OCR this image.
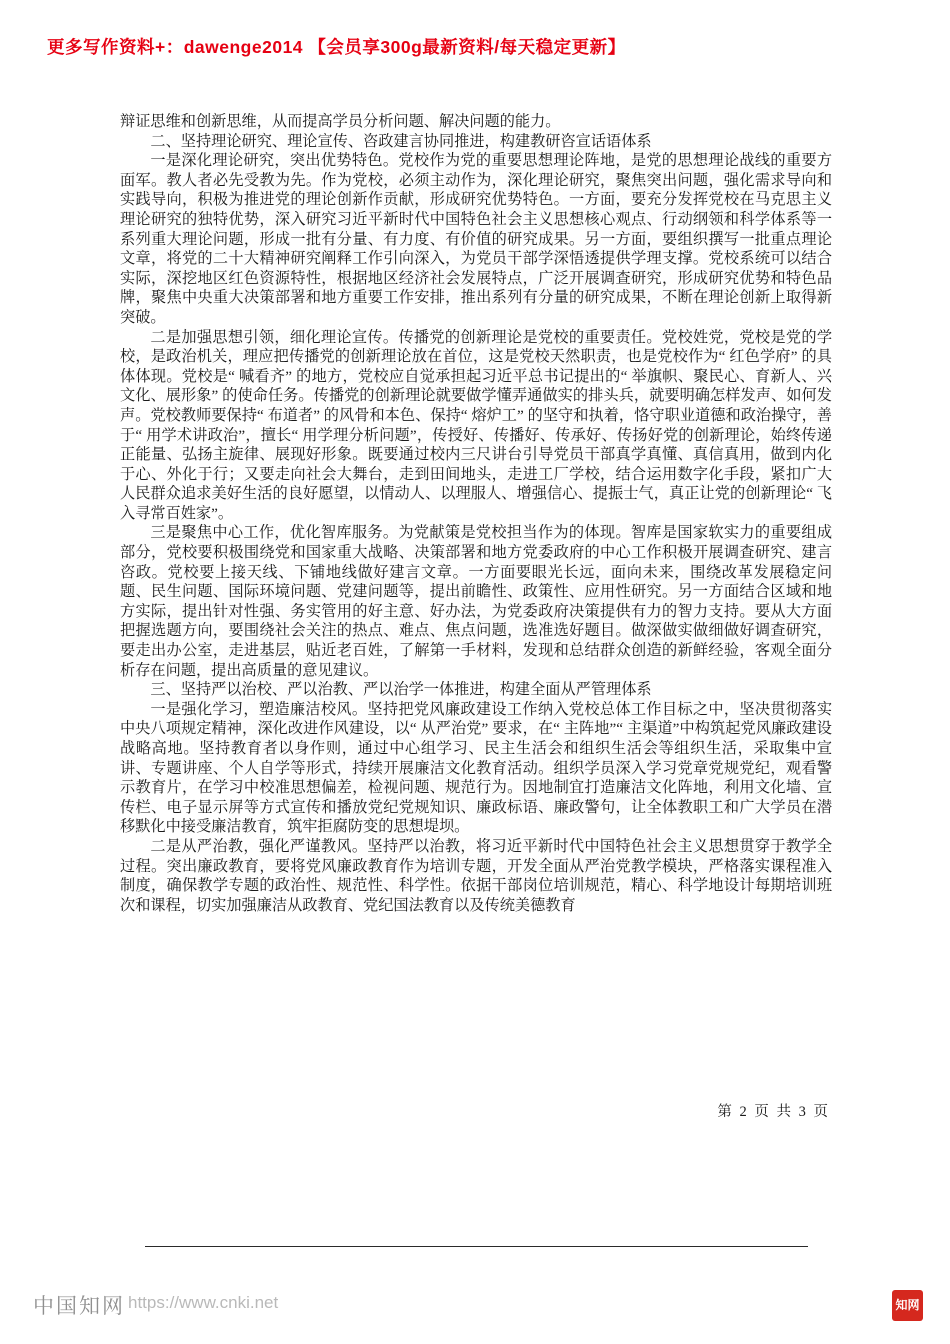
更多写作资料+：dawenge2014 【会员享300g最新资料/每天稳定更新】

辩证思维和创新思维，从而提高学员分析问题、解决问题的能力。

二、坚持理论研究、理论宣传、咨政建言协同推进，构建教研咨宣话语体系

一是深化理论研究，突出优势特色。党校作为党的重要思想理论阵地，是党的思想理论战线的重要方面军。教人者必先受教为先。作为党校，必须主动作为，深化理论研究，聚焦突出问题，强化需求导向和实践导向，积极为推进党的理论创新作贡献，形成研究优势特色。一方面，要充分发挥党校在马克思主义理论研究的独特优势，深入研究习近平新时代中国特色社会主义思想核心观点、行动纲领和科学体系等一系列重大理论问题，形成一批有分量、有力度、有价值的研究成果。另一方面，要组织撰写一批重点理论文章，将党的二十大精神研究阐释工作引向深入，为党员干部学深悟透提供学理支撑。党校系统可以结合实际，深挖地区红色资源特性，根据地区经济社会发展特点，广泛开展调查研究，形成研究优势和特色品牌，聚焦中央重大决策部署和地方重要工作安排，推出系列有分量的研究成果，不断在理论创新上取得新突破。

二是加强思想引领，细化理论宣传。传播党的创新理论是党校的重要责任。党校姓党，党校是党的学校，是政治机关，理应把传播党的创新理论放在首位，这是党校天然职责，也是党校作为“ 红色学府” 的具体体现。党校是“ 喊看齐” 的地方，党校应自觉承担起习近平总书记提出的“ 举旗帜、聚民心、育新人、兴文化、展形象” 的使命任务。传播党的创新理论就要做学懂弄通做实的排头兵，就要明确怎样发声、如何发声。党校教师要保持“ 布道者” 的风骨和本色、保持“ 熔炉工” 的坚守和执着，恪守职业道德和政治操守，善于“ 用学术讲政治”，擅长“ 用学理分析问题”，传授好、传播好、传承好、传扬好党的创新理论，始终传递正能量、弘扬主旋律、展现好形象。既要通过校内三尺讲台引导党员干部真学真懂、真信真用，做到内化于心、外化于行；又要走向社会大舞台，走到田间地头，走进工厂学校，结合运用数字化手段，紧扣广大人民群众追求美好生活的良好愿望，以情动人、以理服人、增强信心、提振士气，真正让党的创新理论“ 飞入寻常百姓家”。

三是聚焦中心工作，优化智库服务。为党献策是党校担当作为的体现。智库是国家软实力的重要组成部分，党校要积极围绕党和国家重大战略、决策部署和地方党委政府的中心工作积极开展调查研究、建言咨政。党校要上接天线、下铺地线做好建言文章。一方面要眼光长远，面向未来，围绕改革发展稳定问题、民生问题、国际环境问题、党建问题等，提出前瞻性、政策性、应用性研究。另一方面结合区域和地方实际，提出针对性强、务实管用的好主意、好办法，为党委政府决策提供有力的智力支持。要从大方面把握选题方向，要围绕社会关注的热点、难点、焦点问题，选准选好题目。做深做实做细做好调查研究，要走出办公室，走进基层，贴近老百姓，了解第一手材料，发现和总结群众创造的新鲜经验，客观全面分析存在问题，提出高质量的意见建议。

三、坚持严以治校、严以治教、严以治学一体推进，构建全面从严管理体系

一是强化学习，塑造廉洁校风。坚持把党风廉政建设工作纳入党校总体工作目标之中，坚决贯彻落实中央八项规定精神，深化改进作风建设，以“ 从严治党” 要求，在“ 主阵地”“ 主渠道”中构筑起党风廉政建设战略高地。坚持教育者以身作则，通过中心组学习、民主生活会和组织生活会等组织生活，采取集中宣讲、专题讲座、个人自学等形式，持续开展廉洁文化教育活动。组织学员深入学习党章党规党纪，观看警示教育片，在学习中校准思想偏差，检视问题、规范行为。因地制宜打造廉洁文化阵地，利用文化墙、宣传栏、电子显示屏等方式宣传和播放党纪党规知识、廉政标语、廉政警句，让全体教职工和广大学员在潜移默化中接受廉洁教育，筑牢拒腐防变的思想堤坝。

二是从严治教，强化严谨教风。坚持严以治教，将习近平新时代中国特色社会主义思想贯穿于教学全过程。突出廉政教育，要将党风廉政教育作为培训专题，开发全面从严治党教学模块，严格落实课程准入制度，确保教学专题的政治性、规范性、科学性。依据干部岗位培训规范，精心、科学地设计每期培训班次和课程，切实加强廉洁从政教育、党纪国法教育以及传统美德教育

第 2 页 共 3 页
中国知网 https://www.cnki.net	知网
